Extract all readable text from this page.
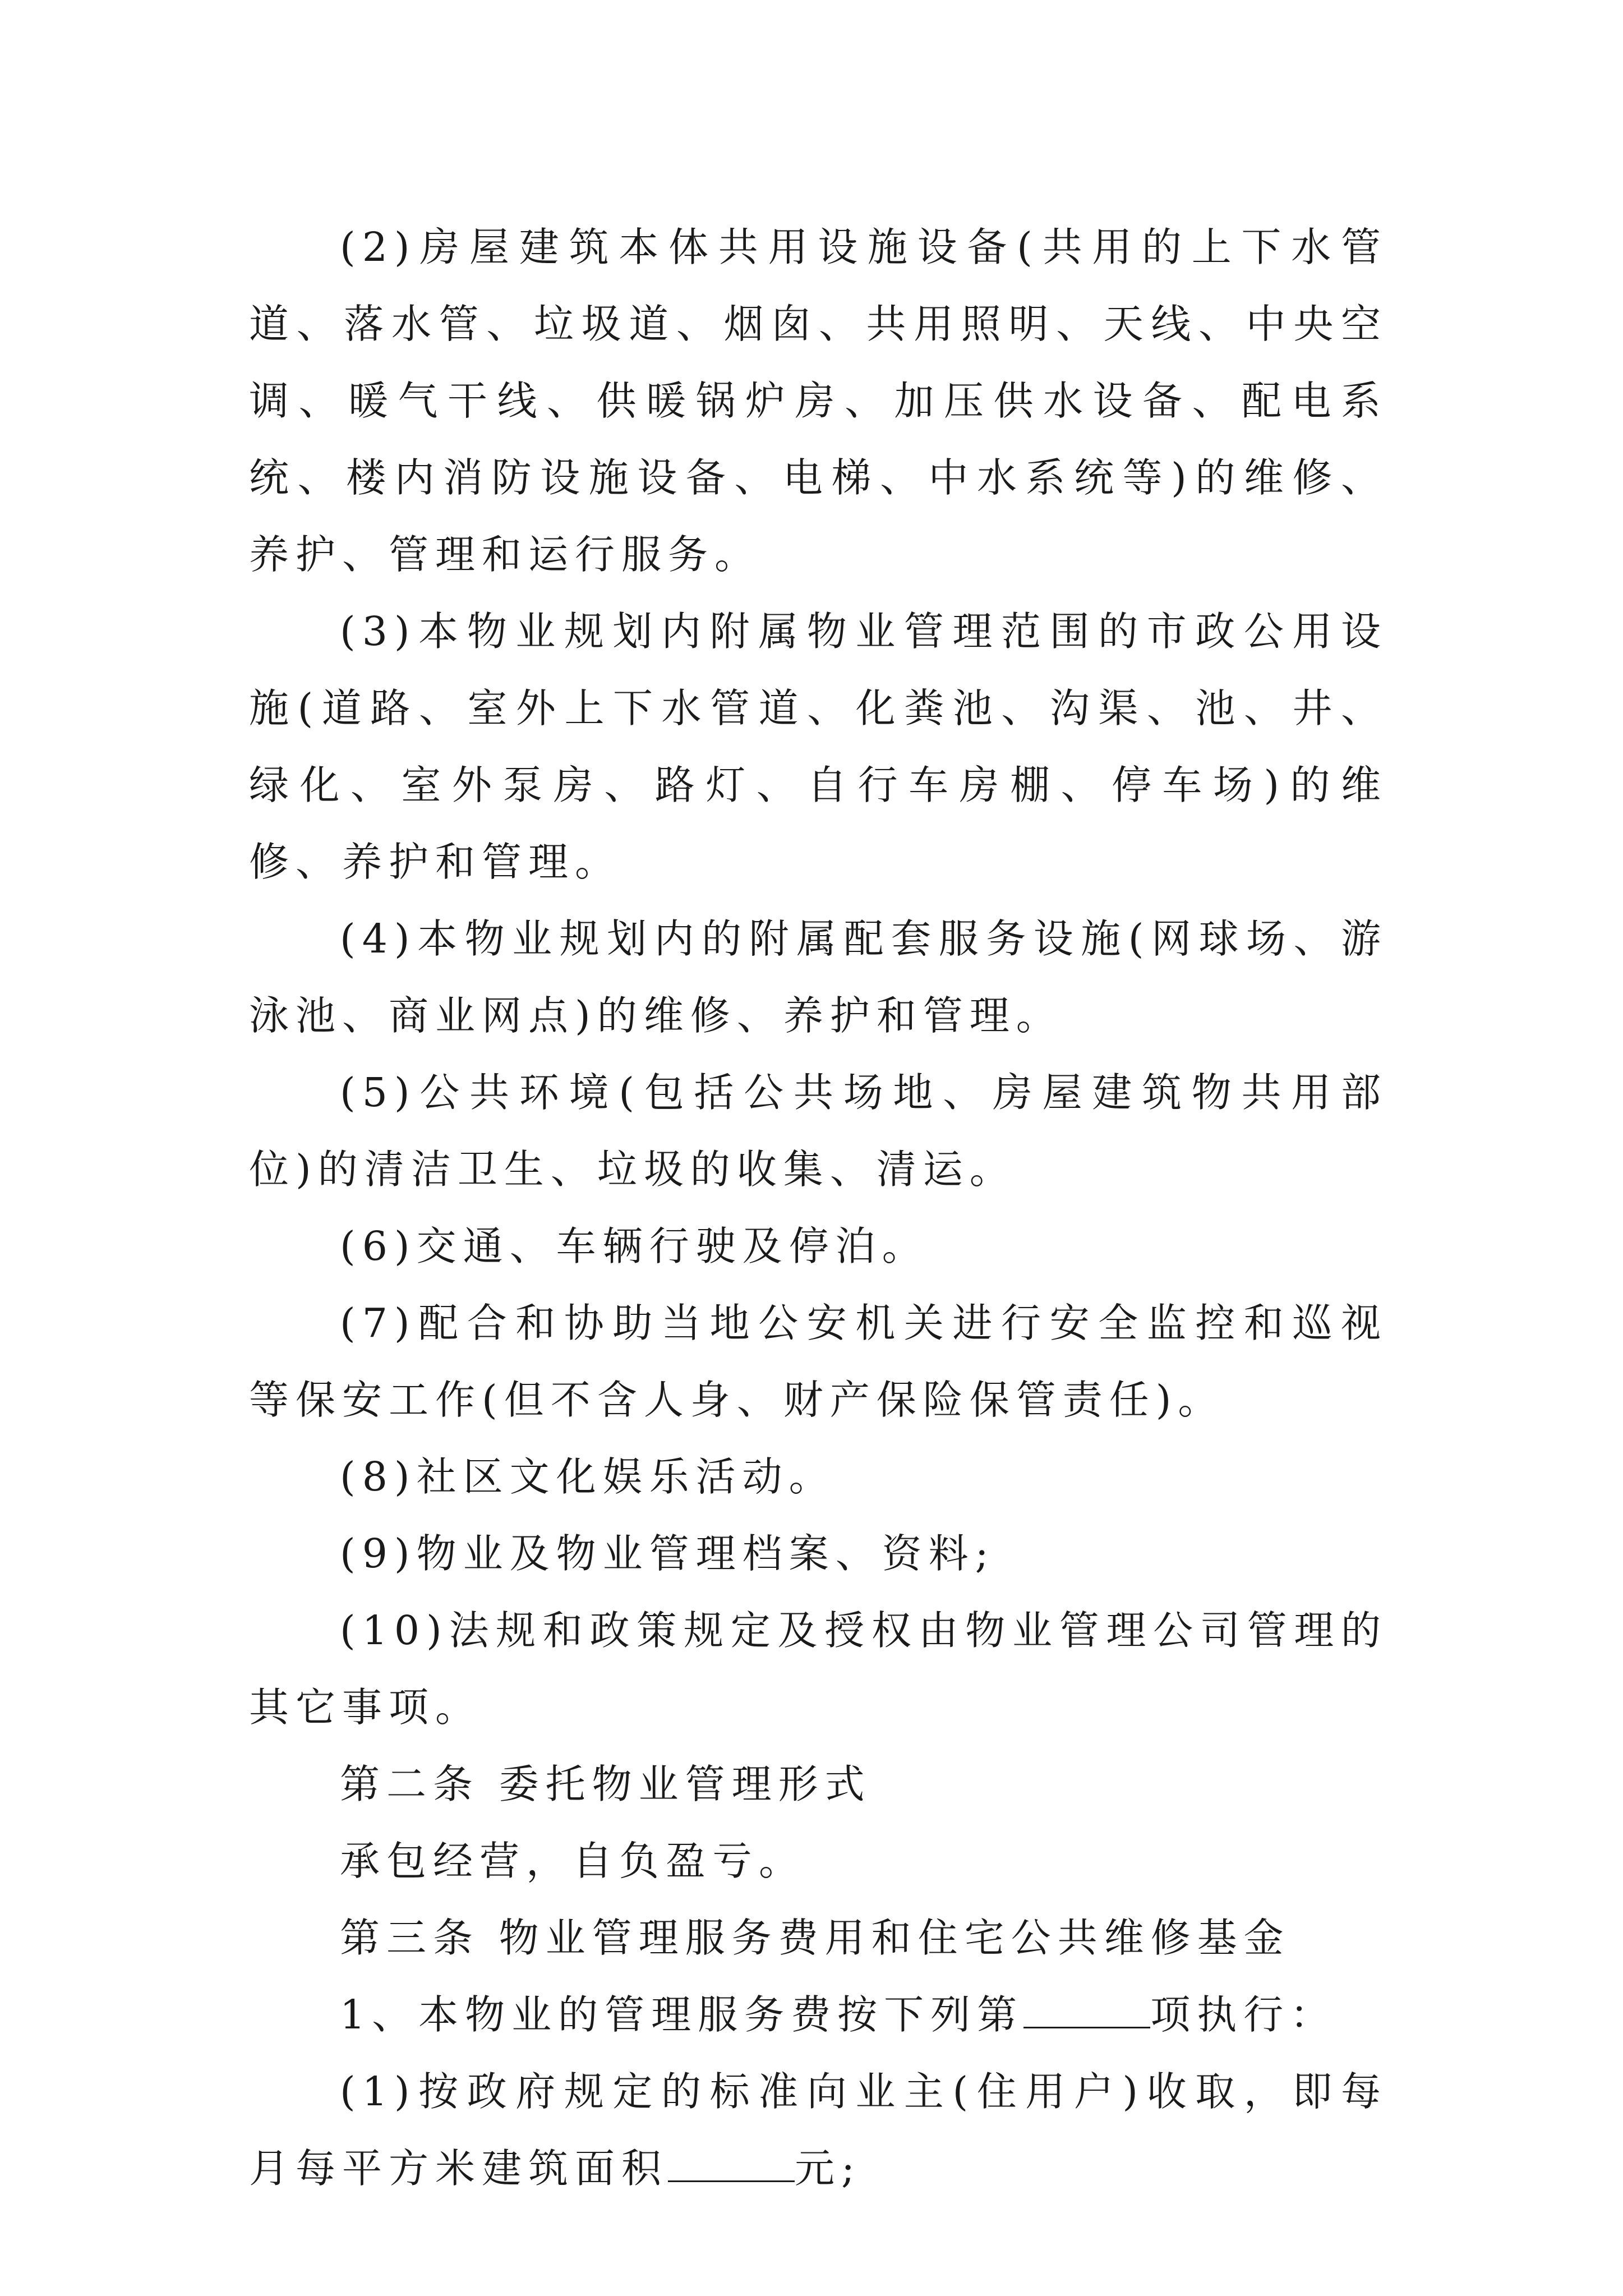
(2)房屋建筑本体共用设施设备(共用的上下水管道、落水管、垃圾道、烟囱、共用照明、天线、中央空调、暖气干线、供暖锅炉房、加压供水设备、配电系统、楼内消防设施设备、电梯、中水系统等)的维修、养护、管理和运行服务。

(3)本物业规划内附属物业管理范围的市政公用设施(道路、室外上下水管道、化粪池、沟渠、池、井、绿化、室外泵房、路灯、自行车房棚、停车场)的维修、养护和管理。

(4)本物业规划内的附属配套服务设施(网球场、游泳池、商业网点)的维修、养护和管理。

(5)公共环境(包括公共场地、房屋建筑物共用部位)的清洁卫生、垃圾的收集、清运。

(6)交通、车辆行驶及停泊。

(7)配合和协助当地公安机关进行安全监控和巡视等保安工作(但不含人身、财产保险保管责任)。

(8)社区文化娱乐活动。

(9)物业及物业管理档案、资料;

(10)法规和政策规定及授权由物业管理公司管理的其它事项。

第二条 委托物业管理形式

承包经营，自负盈亏。

第三条 物业管理服务费用和住宅公共维修基金

1、本物业的管理服务费按下列第	项执行：

(1)按政府规定的标准向业主(住用户)收取，即每月每平方米建筑面积	元;
